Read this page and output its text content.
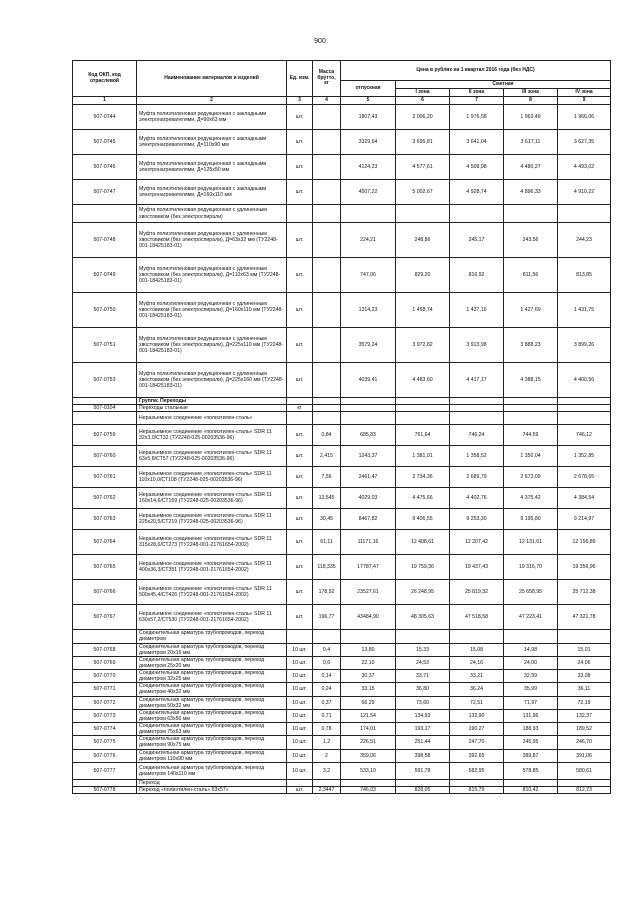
900
Код ОКП, код отраслевой	Наименование материалов и изделий	Ед. изм.	Масса брутто, кг	Цена в рублях на 1 квартал 2016 года (без НДС)				
				отпускная	Сметная			
					I зона	II зона	III зона	IV зона
1	2	3	4	5	6	7	8	9
507-0744	Муфта полиэтиленовая редукционная с закладными электронагревателями, Д=90х63 мм	шт.		1807,43	2 006,20	1 976,58	1 963,49	1 966,06
507-0745	Муфта полиэтиленовая редукционная с закладными электронагревателями, Д=110х90 мм	шт.		3329,64	3 695,81	3 641,04	3 617,11	3 627,35
507-0746	Муфта полиэтиленовая редукционная с закладными электронагревателями, Д=125х90 мм	шт.		4124,23	4 577,61	4 509,98	4 480,27	4 493,02
507-0747	Муфта полиэтиленовая редукционная с закладными электронагревателями, Д=160х110 мм	шт.		4507,22	5 002,67	4 928,74	4 896,33	4 910,22
	Муфта полиэтиленовая редукционная с удлиненным хвостовиком (без электроспирали)							
507-0748	Муфта полиэтиленовая редукционная с удлиненным хвостовиком (без электроспирали), Д=63х32 мм (ТУ2248-001-18425183-01)	шт.		224,21	248,86	245,17	243,56	244,23
507-0749	Муфта полиэтиленовая редукционная с удлиненным хвостовиком (без электроспирали), Д=110х63 мм (ТУ2248-001-18425183-01)	шт.		747,06	829,20	816,92	811,56	813,85
507-0750	Муфта полиэтиленовая редукционная с удлиненным хвостовиком (без электроспирали), Д=160х110 мм (ТУ2248-001-18425183-01)	шт.		1314,23	1 458,74	1 437,16	1 427,69	1 431,75
507-0751	Муфта полиэтиленовая редукционная с удлиненным хвостовиком (без электроспирали), Д=225х110 мм (ТУ2248-001-18425183-01)	шт.		3579,24	3 972,82	3 913,98	3 888,23	3 899,26
507-0753	Муфта полиэтиленовая редукционная с удлиненным хвостовиком (без электроспирали), Д=225х160 мм (ТУ2248-001-18425183-01)	шт.		4039,41	4 483,60	4 417,17	4 388,15	4 400,56
	Группа: Переходы							
507-0104	Переходы стальные	кг						
	Неразъемное соединение «полиэтилен-сталь»							
507-0759	Неразъемное соединение «полиэтилен-сталь» SDR 11 32х3,0/СТ32 (ТУ2248-025-00203536-96)	шт.	0,84	685,83	761,64	746,24	744,59	746,12
507-0760	Неразъемное соединение «полиэтилен-сталь» SDR 11 63х5,8/СТ57 (ТУ2248-025-00203536-96)	шт.	2,415	1243,37	1 381,01	1 358,52	1 350,04	1 352,85
507-0761	Неразъемное соединение «полиэтилен-сталь» SDR 11 110х10,0/СТ108 (ТУ2248-025-00203536-96)	шт.	7,56	2461,47	2 734,36	2 689,79	2 673,09	2 678,65
507-0762	Неразъемное соединение «полиэтилен-сталь» SDR 11 160х14,6/СТ159 (ТУ2248-025-00203536-96)	шт.	13,545	4029,03	4 475,66	4 402,76	4 375,42	4 384,54
507-0763	Неразъемное соединение «полиэтилен-сталь» SDR 11 225х20,5/СТ219 (ТУ2248-025-00203536-96)	шт.	30,45	8467,82	9 406,55	9 253,30	9 195,80	9 214,97
507-0764	Неразъемное соединение «полиэтилен-сталь» SDR 11 315х28,6/СТ273 (ТУ2248-001-21761654-2002)	шт.	61,11	11171,16	12 408,61	12 207,42	12 131,61	12 156,89
507-0765	Неразъемное соединение «полиэтилен-сталь» SDR 11 400х36,3/СТ351 (ТУ2248-001-21761654-2002)	шт.	118,335	17787,47	19 759,36	19 437,43	19 316,70	19 356,96
507-0766	Неразъемное соединение «полиэтилен-сталь» SDR 11 500х45,4/СТ426 (ТУ2248-001-21761654-2002)	шт.	178,92	23527,61	26 248,95	25 819,32	25 658,95	25 712,38
507-0767	Неразъемное соединение «полиэтилен-сталь» SDR 11 630х57,2/СТ530 (ТУ2248-001-21761654-2002)	шт.	196,77	43484,90	48 305,63	47 518,58	47 223,41	47 321,78
	Соединительная арматура трубопроводов, переход диаметром							
507-0768	Соединительная арматура трубопроводов, переход диаметром 20х16 мм	10 шт.	0,4	13,80	15,33	15,08	14,98	15,01
507-0769	Соединительная арматура трубопроводов, переход диаметром 25х20 мм	10 шт.	0,6	22,10	24,53	24,16	24,00	24,06
507-0770	Соединительная арматура трубопроводов, переход диаметром 32х25 мм	10 шт.	0,14	30,37	33,71	33,21	32,99	33,08
507-0771	Соединительная арматура трубопроводов, переход диаметром 40х32 мм	10 шт.	0,24	33,15	36,80	36,24	35,99	36,11
507-0772	Соединительная арматура трубопроводов, переход диаметром 50х32 мм	10 шт.	0,37	66,29	73,60	72,51	71,97	72,19
507-0773	Соединительная арматура трубопроводов, переход диаметром 63х50 мм	10 шт.	0,71	121,54	134,93	132,90	131,96	132,37
507-0774	Соединительная арматура трубопроводов, переход диаметром 75х63 мм	10 шт.	0,78	174,01	193,17	190,27	188,93	189,52
507-0775	Соединительная арматура трубопроводов, переход диаметром 90х75 мм	10 шт.	1,2	226,51	251,44	247,70	245,95	246,70
507-0776	Соединительная арматура трубопроводов, переход диаметром 110х90 мм	10 шт.	2	359,06	398,58	392,65	389,87	391,06
507-0777	Соединительная арматура трубопроводов, переход диаметром 140х110 мм	10 шт.	3,2	533,10	591,78	582,95	578,85	580,61
	Переход							
507-0778	Переход «полиэтилен-сталь» 63х57»	шт.	2,3447	746,03	828,05	815,79	810,42	812,73
